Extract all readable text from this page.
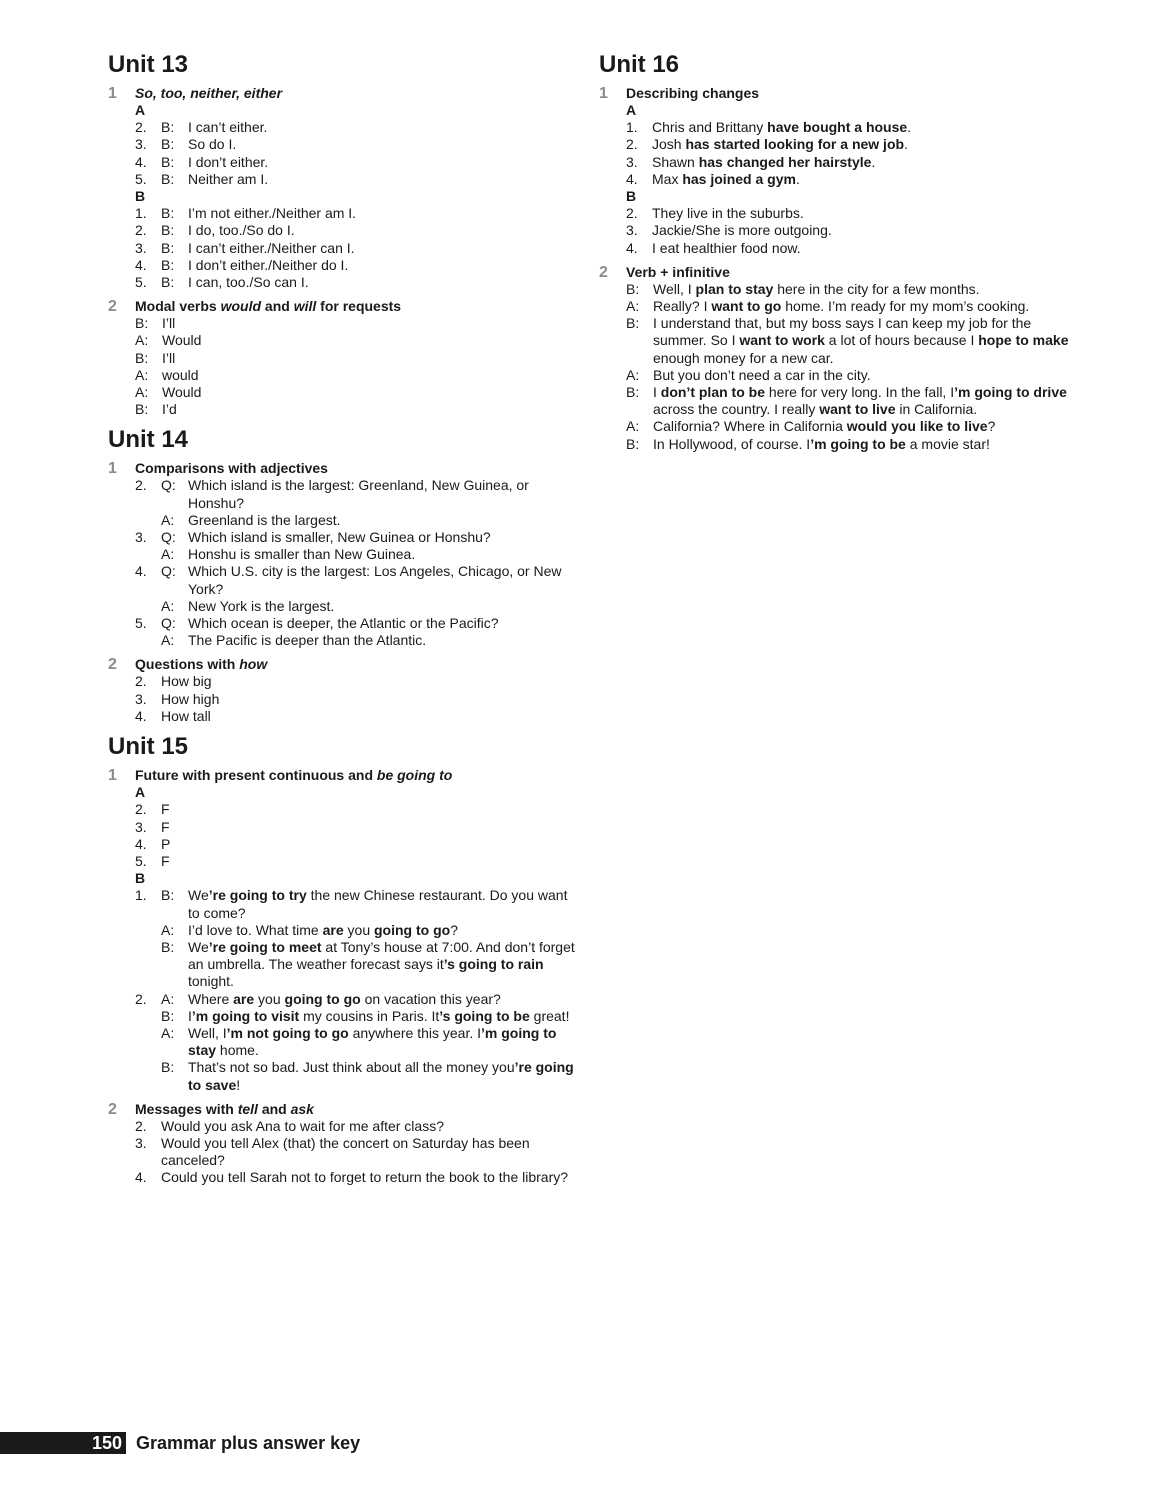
Unit 13
1	So, too, neither, either
A
2.	B: I can’t either.
3.	B: So do I.
4.	B: I don’t either.
5.	B: Neither am I.
B
1.	B: I’m not either./Neither am I.
2.	B: I do, too./So do I.
3.	B: I can’t either./Neither can I.
4.	B: I don’t either./Neither do I.
5.	B: I can, too./So can I.
2	Modal verbs would and will for requests
B: I’ll
A: Would
B: I’ll
A: would
A: Would
B: I’d
Unit 14
1	Comparisons with adjectives
2.	Q: Which island is the largest: Greenland, New Guinea, or Honshu?
A: Greenland is the largest.
3.	Q: Which island is smaller, New Guinea or Honshu?
A: Honshu is smaller than New Guinea.
4.	Q: Which U.S. city is the largest: Los Angeles, Chicago, or New York?
A: New York is the largest.
5.	Q: Which ocean is deeper, the Atlantic or the Pacific?
A: The Pacific is deeper than the Atlantic.
2	Questions with how
2.	How big
3.	How high
4.	How tall
Unit 15
1	Future with present continuous and be going to
A
2.	F
3.	F
4.	P
5.	F
B
1.	B: We’re going to try the new Chinese restaurant. Do you want to come?
A: I’d love to. What time are you going to go?
B: We’re going to meet at Tony’s house at 7:00. And don’t forget an umbrella. The weather forecast says it’s going to rain tonight.
2.	A: Where are you going to go on vacation this year?
B: I’m going to visit my cousins in Paris. It’s going to be great!
A: Well, I’m not going to go anywhere this year. I’m going to stay home.
B: That’s not so bad. Just think about all the money you’re going to save!
2	Messages with tell and ask
2.	Would you ask Ana to wait for me after class?
3.	Would you tell Alex (that) the concert on Saturday has been canceled?
4.	Could you tell Sarah not to forget to return the book to the library?
Unit 16
1	Describing changes
A
1.	Chris and Brittany have bought a house.
2.	Josh has started looking for a new job.
3.	Shawn has changed her hairstyle.
4.	Max has joined a gym.
B
2.	They live in the suburbs.
3.	Jackie/She is more outgoing.
4.	I eat healthier food now.
2	Verb + infinitive
B: Well, I plan to stay here in the city for a few months.
A: Really? I want to go home. I’m ready for my mom’s cooking.
B: I understand that, but my boss says I can keep my job for the summer. So I want to work a lot of hours because I hope to make enough money for a new car.
A: But you don’t need a car in the city.
B: I don’t plan to be here for very long. In the fall, I’m going to drive across the country. I really want to live in California.
A: California? Where in California would you like to live?
B: In Hollywood, of course. I’m going to be a movie star!
150 Grammar plus answer key
